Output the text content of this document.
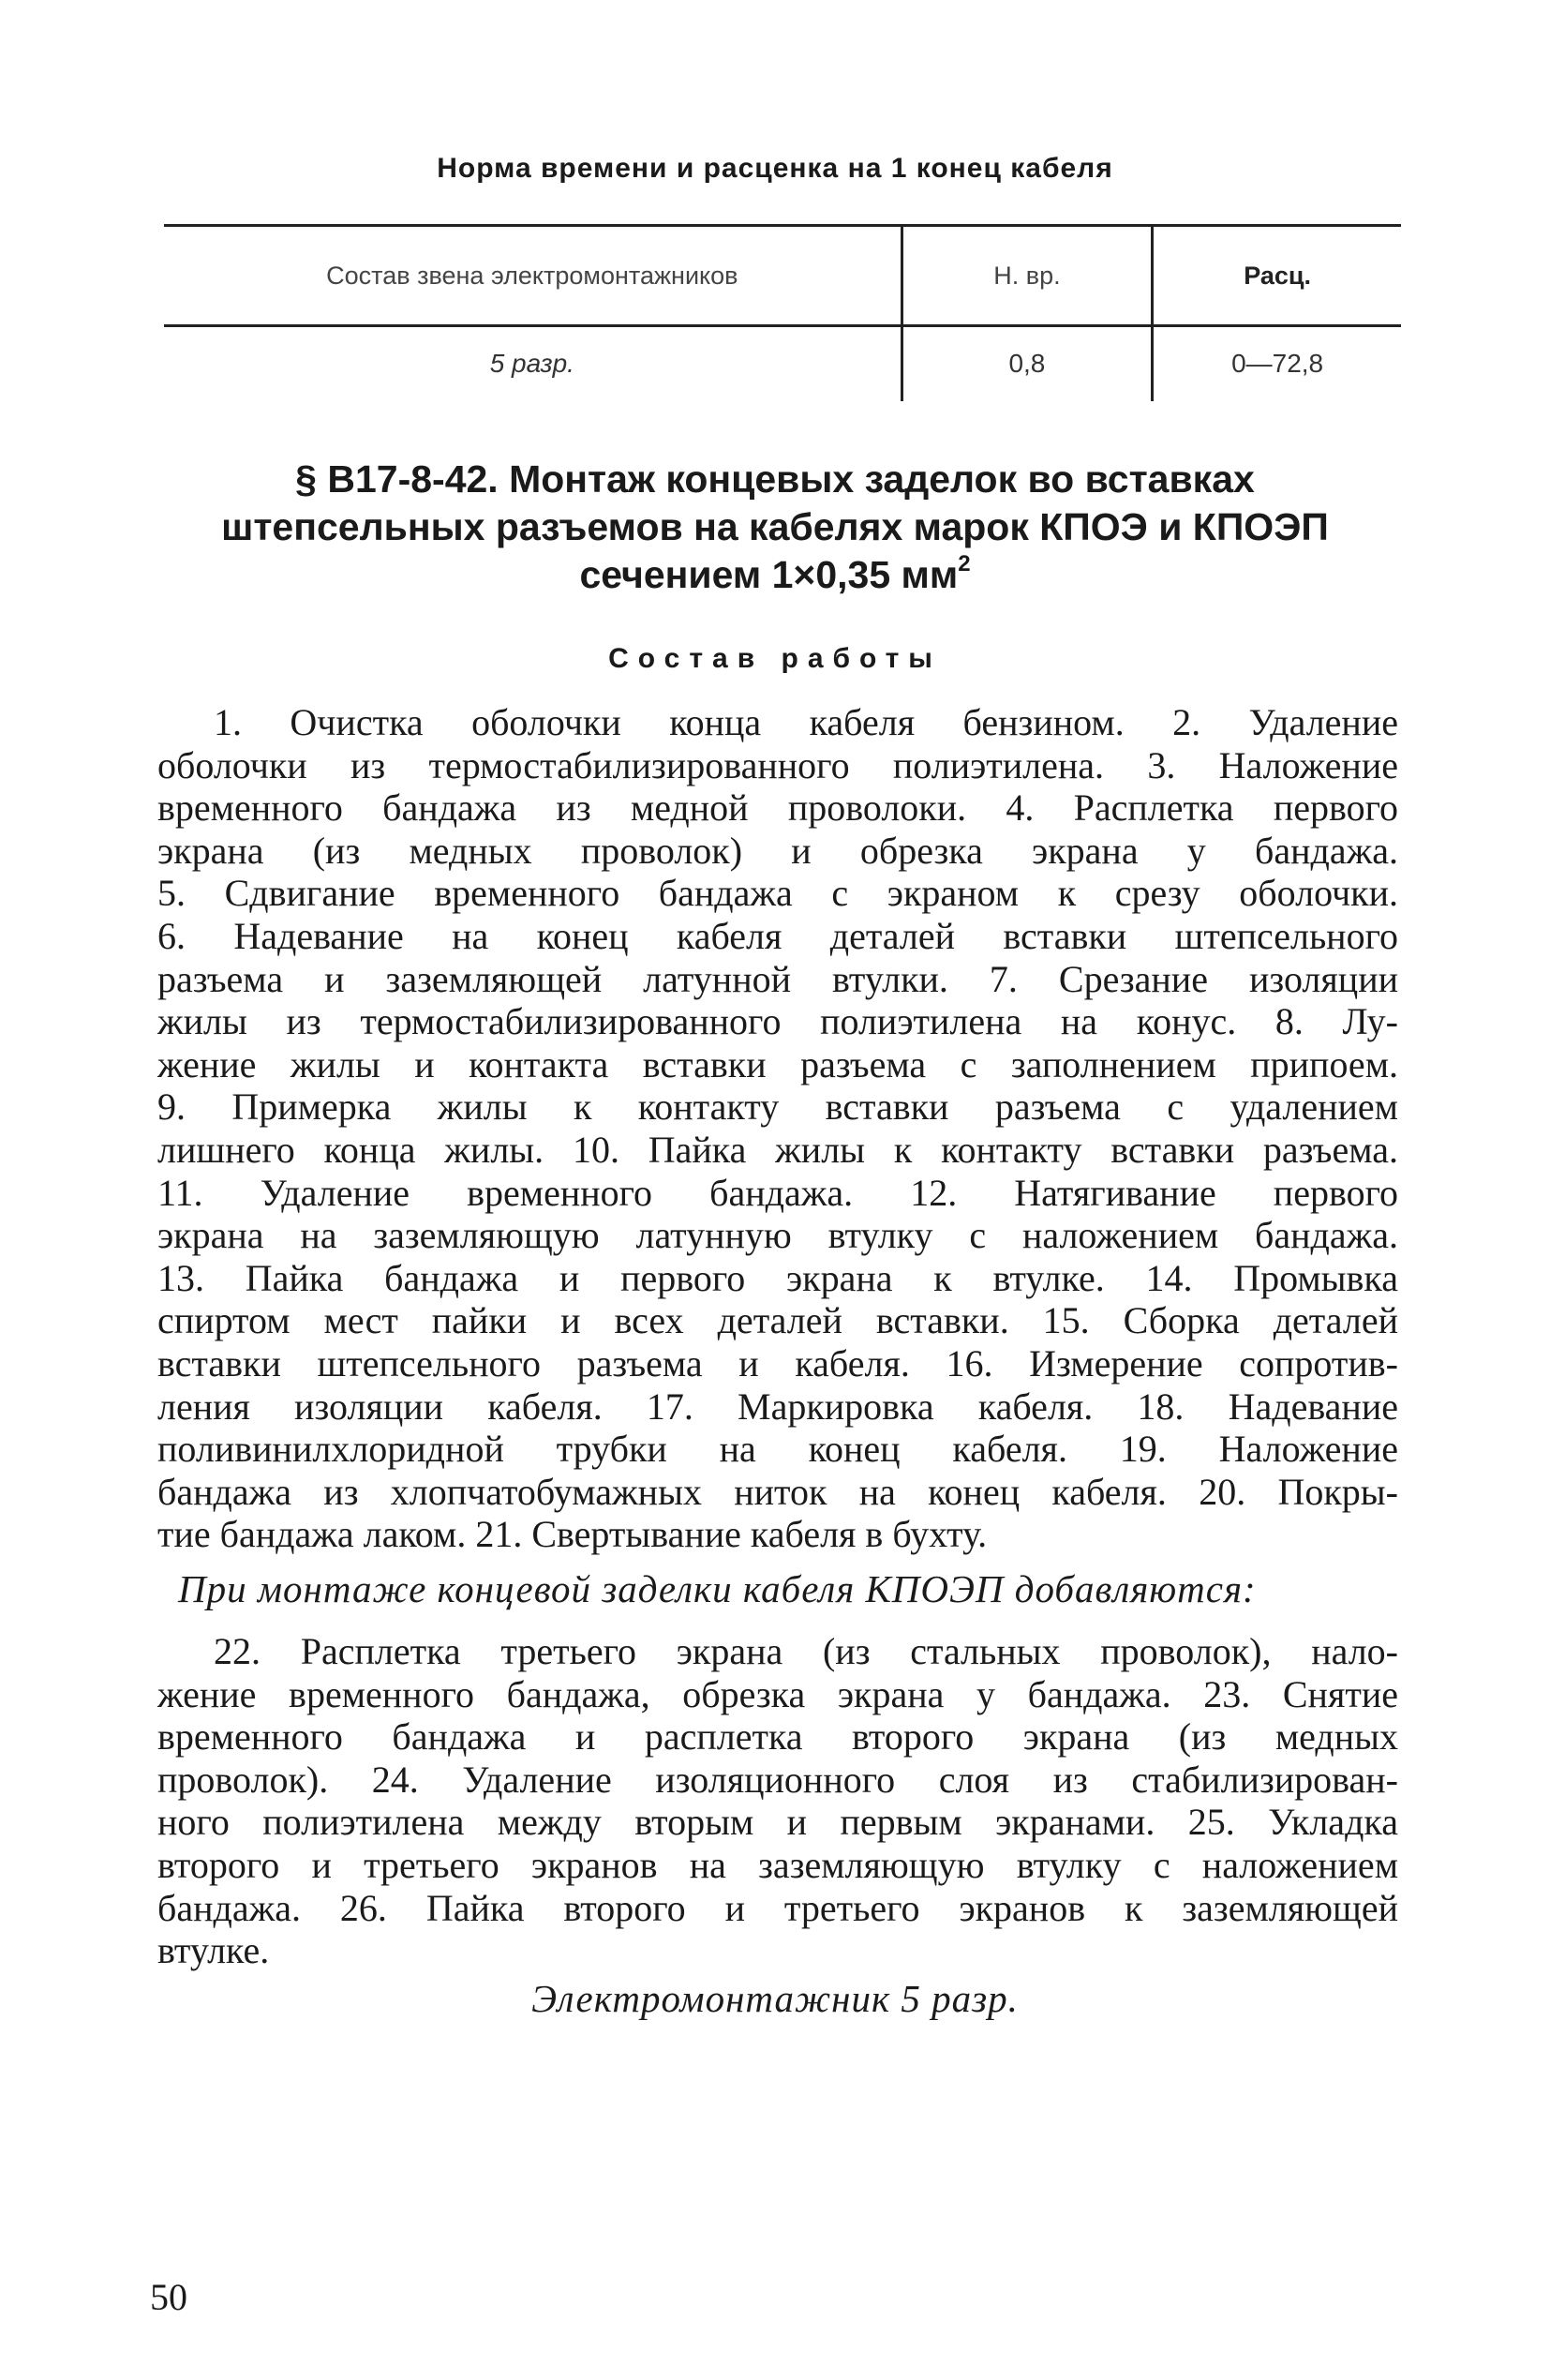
Норма времени и расценка на 1 конец кабеля
Состав звена электромонтажников	Н. вр.	Расц.
5 разр.	0,8	0—72,8
§ В17-8-42. Монтаж концевых заделок во вставках
штепсельных разъемов на кабелях марок КПОЭ и КПОЭП
сечением 1×0,35 $мм^2$
Состав работы
1. Очистка оболочки конца кабеля бензином. 2. Удаление
оболочки из термостабилизированного полиэтилена. 3. Наложение
временного бандажа из медной проволоки. 4. Расплетка первого
экрана (из медных проволок) и обрезка экрана у бандажа.
5. Сдвигание временного бандажа с экраном к срезу оболочки.
6. Надевание на конец кабеля деталей вставки штепсельного
разъема и заземляющей латунной втулки. 7. Срезание изоляции
жилы из термостабилизированного полиэтилена на конус. 8. Лу-
жение жилы и контакта вставки разъема с заполнением припоем.
9. Примерка жилы к контакту вставки разъема с удалением
лишнего конца жилы. 10. Пайка жилы к контакту вставки разъема.
11. Удаление временного бандажа. 12. Натягивание первого
экрана на заземляющую латунную втулку с наложением бандажа.
13. Пайка бандажа и первого экрана к втулке. 14. Промывка
спиртом мест пайки и всех деталей вставки. 15. Сборка деталей
вставки штепсельного разъема и кабеля. 16. Измерение сопротив-
ления изоляции кабеля. 17. Маркировка кабеля. 18. Надевание
поливинилхлоридной трубки на конец кабеля. 19. Наложение
бандажа из хлопчатобумажных ниток на конец кабеля. 20. Покры-
тие бандажа лаком. 21. Свертывание кабеля в бухту.
При монтаже концевой заделки кабеля КПОЭП добавляются:
22. Расплетка третьего экрана (из стальных проволок), нало-
жение временного бандажа, обрезка экрана у бандажа. 23. Снятие
временного бандажа и расплетка второго экрана (из медных
проволок). 24. Удаление изоляционного слоя из стабилизирован-
ного полиэтилена между вторым и первым экранами. 25. Укладка
второго и третьего экранов на заземляющую втулку с наложением
бандажа. 26. Пайка второго и третьего экранов к заземляющей
втулке.
Электромонтажник 5 разр.
50
